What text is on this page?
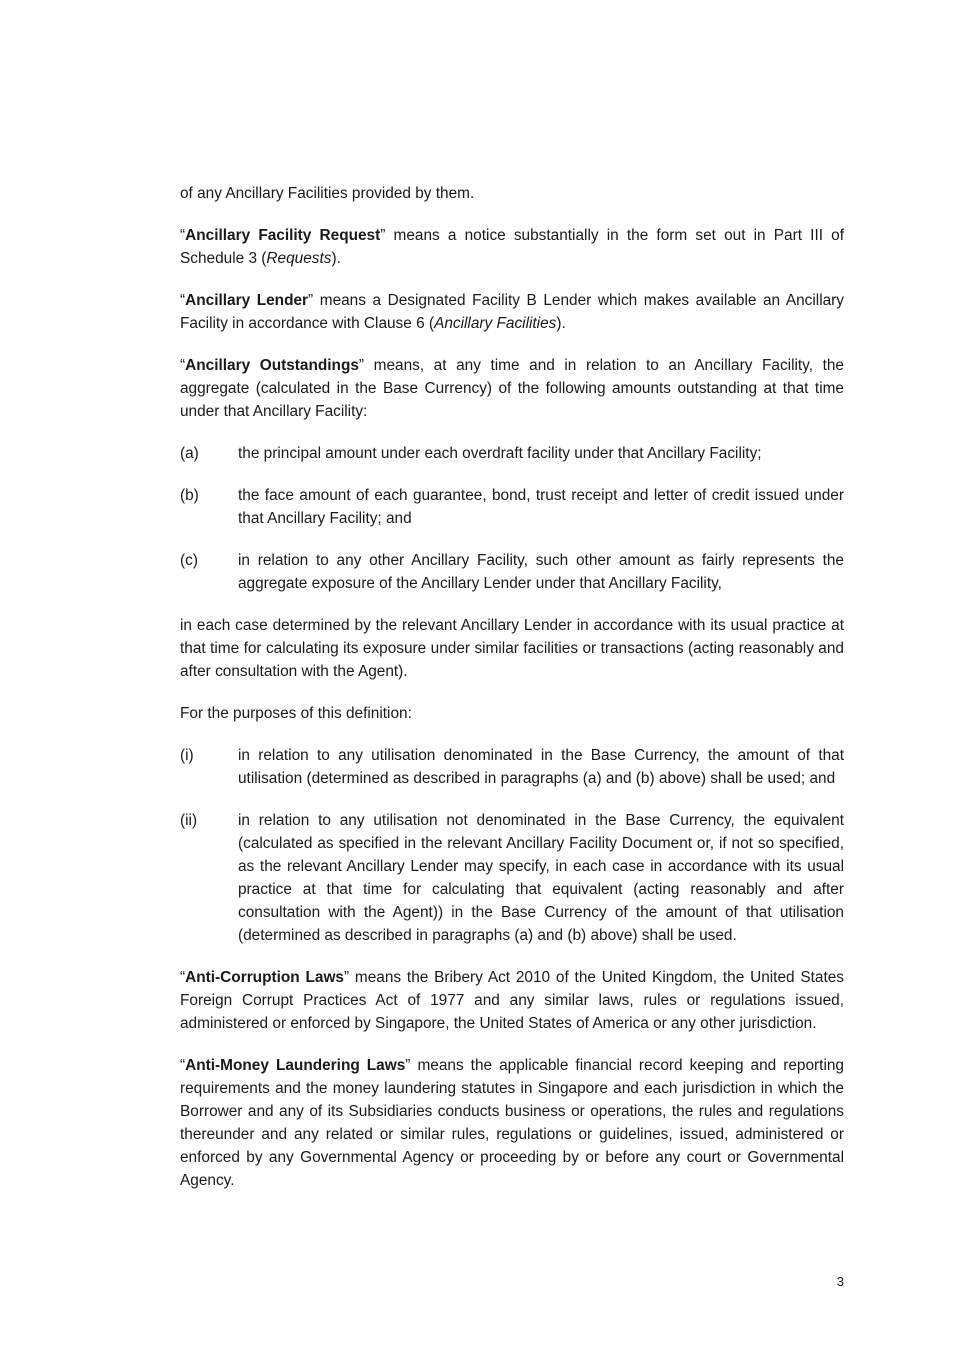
of any Ancillary Facilities provided by them.
“Ancillary Facility Request” means a notice substantially in the form set out in Part III of Schedule 3 (Requests).
“Ancillary Lender” means a Designated Facility B Lender which makes available an Ancillary Facility in accordance with Clause 6 (Ancillary Facilities).
“Ancillary Outstandings” means, at any time and in relation to an Ancillary Facility, the aggregate (calculated in the Base Currency) of the following amounts outstanding at that time under that Ancillary Facility:
(a)	the principal amount under each overdraft facility under that Ancillary Facility;
(b)	the face amount of each guarantee, bond, trust receipt and letter of credit issued under that Ancillary Facility; and
(c)	in relation to any other Ancillary Facility, such other amount as fairly represents the aggregate exposure of the Ancillary Lender under that Ancillary Facility,
in each case determined by the relevant Ancillary Lender in accordance with its usual practice at that time for calculating its exposure under similar facilities or transactions (acting reasonably and after consultation with the Agent).
For the purposes of this definition:
(i)	in relation to any utilisation denominated in the Base Currency, the amount of that utilisation (determined as described in paragraphs (a) and (b) above) shall be used; and
(ii)	in relation to any utilisation not denominated in the Base Currency, the equivalent (calculated as specified in the relevant Ancillary Facility Document or, if not so specified, as the relevant Ancillary Lender may specify, in each case in accordance with its usual practice at that time for calculating that equivalent (acting reasonably and after consultation with the Agent)) in the Base Currency of the amount of that utilisation (determined as described in paragraphs (a) and (b) above) shall be used.
“Anti-Corruption Laws” means the Bribery Act 2010 of the United Kingdom, the United States Foreign Corrupt Practices Act of 1977 and any similar laws, rules or regulations issued, administered or enforced by Singapore, the United States of America or any other jurisdiction.
“Anti-Money Laundering Laws” means the applicable financial record keeping and reporting requirements and the money laundering statutes in Singapore and each jurisdiction in which the Borrower and any of its Subsidiaries conducts business or operations, the rules and regulations thereunder and any related or similar rules, regulations or guidelines, issued, administered or enforced by any Governmental Agency or proceeding by or before any court or Governmental Agency.
3
